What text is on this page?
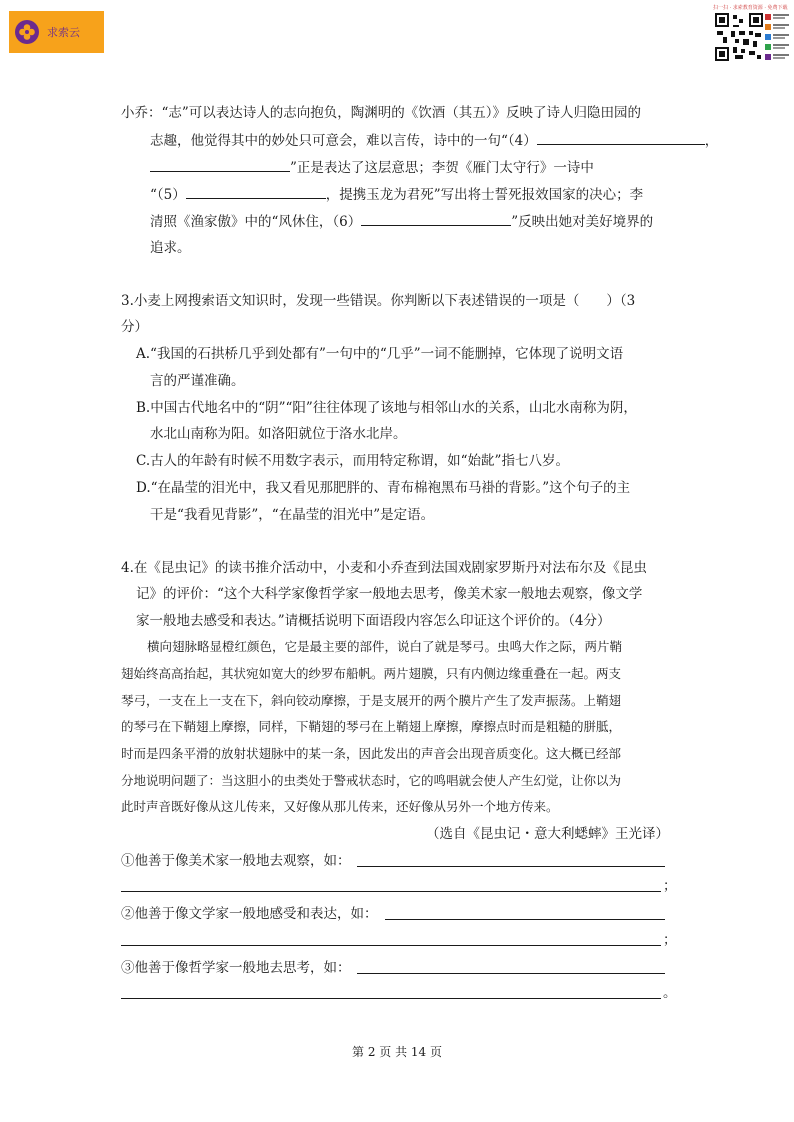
求索云
扫一扫 · 求索教育资源 · 免费下载
小乔：“志”可以表达诗人的志向抱负，陶渊明的《饮酒（其五）》反映了诗人归隐田园的
志趣，他觉得其中的妙处只可意会，难以言传，诗中的一句“（4）	，
”正是表达了这层意思；李贺《雁门太守行》一诗中
“（5）	，提携玉龙为君死”写出将士誓死报效国家的决心；李
清照《渔家傲》中的“风休住，（6）	”反映出她对美好境界的
追求。
3.小麦上网搜索语文知识时，发现一些错误。你判断以下表述错误的一项是（　　）（3
分）
A.“我国的石拱桥几乎到处都有”一句中的“几乎”一词不能删掉，它体现了说明文语
言的严谨准确。
B.中国古代地名中的“阴”“阳”往往体现了该地与相邻山水的关系，山北水南称为阴，
水北山南称为阳。如洛阳就位于洛水北岸。
C.古人的年龄有时候不用数字表示，而用特定称谓，如“始龀”指七八岁。
D.“在晶莹的泪光中，我又看见那肥胖的、青布棉袍黑布马褂的背影。”这个句子的主
干是“我看见背影”，“在晶莹的泪光中”是定语。
4.在《昆虫记》的读书推介活动中，小麦和小乔查到法国戏剧家罗斯丹对法布尔及《昆虫
记》的评价：“这个大科学家像哲学家一般地去思考，像美术家一般地去观察，像文学
家一般地去感受和表达。”请概括说明下面语段内容怎么印证这个评价的。（4分）
横向翅脉略显橙红颜色，它是最主要的部件，说白了就是琴弓。虫鸣大作之际，两片鞘
翅始终高高抬起，其状宛如宽大的纱罗布船帆。两片翅膜，只有内侧边缘重叠在一起。两支
琴弓，一支在上一支在下，斜向铰动摩擦，于是支展开的两个膜片产生了发声振荡。上鞘翅
的琴弓在下鞘翅上摩擦，同样，下鞘翅的琴弓在上鞘翅上摩擦，摩擦点时而是粗糙的胼胝，
时而是四条平滑的放射状翅脉中的某一条，因此发出的声音会出现音质变化。这大概已经部
分地说明问题了：当这胆小的虫类处于警戒状态时，它的鸣唱就会使人产生幻觉，让你以为
此时声音既好像从这儿传来，又好像从那儿传来，还好像从另外一个地方传来。
（选自《昆虫记・意大利蟋蟀》王光译）
①他善于像美术家一般地去观察，如：
；
②他善于像文学家一般地感受和表达，如：
；
③他善于像哲学家一般地去思考，如：
。
第 2 页 共 14 页
